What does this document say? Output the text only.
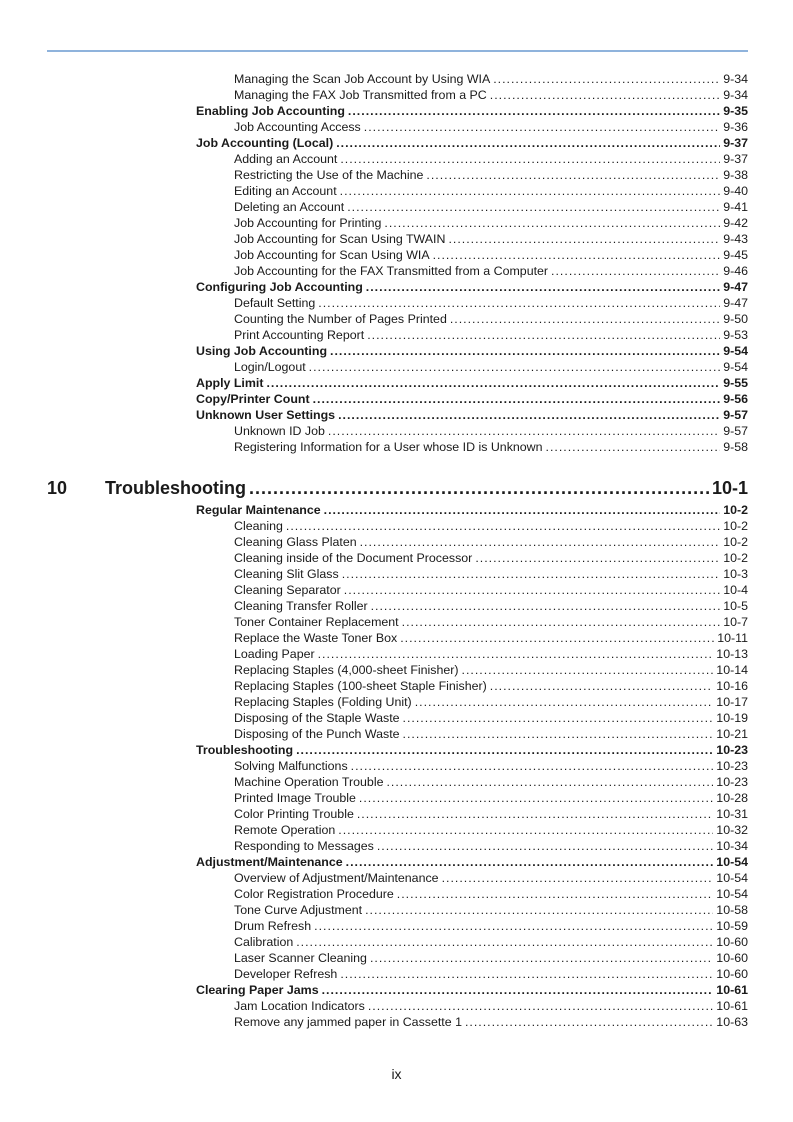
Managing the Scan Job Account by Using WIA .....	9-34
Managing the FAX Job Transmitted from a PC .....	9-34
Enabling Job Accounting .....	9-35
Job Accounting Access .....	9-36
Job Accounting (Local) .....	9-37
Adding an Account .....	9-37
Restricting the Use of the Machine .....	9-38
Editing an Account .....	9-40
Deleting an Account .....	9-41
Job Accounting for Printing .....	9-42
Job Accounting for Scan Using TWAIN .....	9-43
Job Accounting for Scan Using WIA .....	9-45
Job Accounting for the FAX Transmitted from a Computer .....	9-46
Configuring Job Accounting .....	9-47
Default Setting .....	9-47
Counting the Number of Pages Printed .....	9-50
Print Accounting Report .....	9-53
Using Job Accounting .....	9-54
Login/Logout .....	9-54
Apply Limit .....	9-55
Copy/Printer Count .....	9-56
Unknown User Settings .....	9-57
Unknown ID Job .....	9-57
Registering Information for a User whose ID is Unknown .....	9-58
10	Troubleshooting .....	10-1
Regular Maintenance .....	10-2
Cleaning .....	10-2
Cleaning Glass Platen .....	10-2
Cleaning inside of the Document Processor .....	10-2
Cleaning Slit Glass .....	10-3
Cleaning Separator .....	10-4
Cleaning Transfer Roller .....	10-5
Toner Container Replacement .....	10-7
Replace the Waste Toner Box .....	10-11
Loading Paper .....	10-13
Replacing Staples (4,000-sheet Finisher) .....	10-14
Replacing Staples (100-sheet Staple Finisher) .....	10-16
Replacing Staples (Folding Unit) .....	10-17
Disposing of the Staple Waste .....	10-19
Disposing of the Punch Waste .....	10-21
Troubleshooting .....	10-23
Solving Malfunctions .....	10-23
Machine Operation Trouble .....	10-23
Printed Image Trouble .....	10-28
Color Printing Trouble .....	10-31
Remote Operation .....	10-32
Responding to Messages .....	10-34
Adjustment/Maintenance .....	10-54
Overview of Adjustment/Maintenance .....	10-54
Color Registration Procedure .....	10-54
Tone Curve Adjustment .....	10-58
Drum Refresh .....	10-59
Calibration .....	10-60
Laser Scanner Cleaning .....	10-60
Developer Refresh .....	10-60
Clearing Paper Jams .....	10-61
Jam Location Indicators .....	10-61
Remove any jammed paper in Cassette 1 .....	10-63
ix
